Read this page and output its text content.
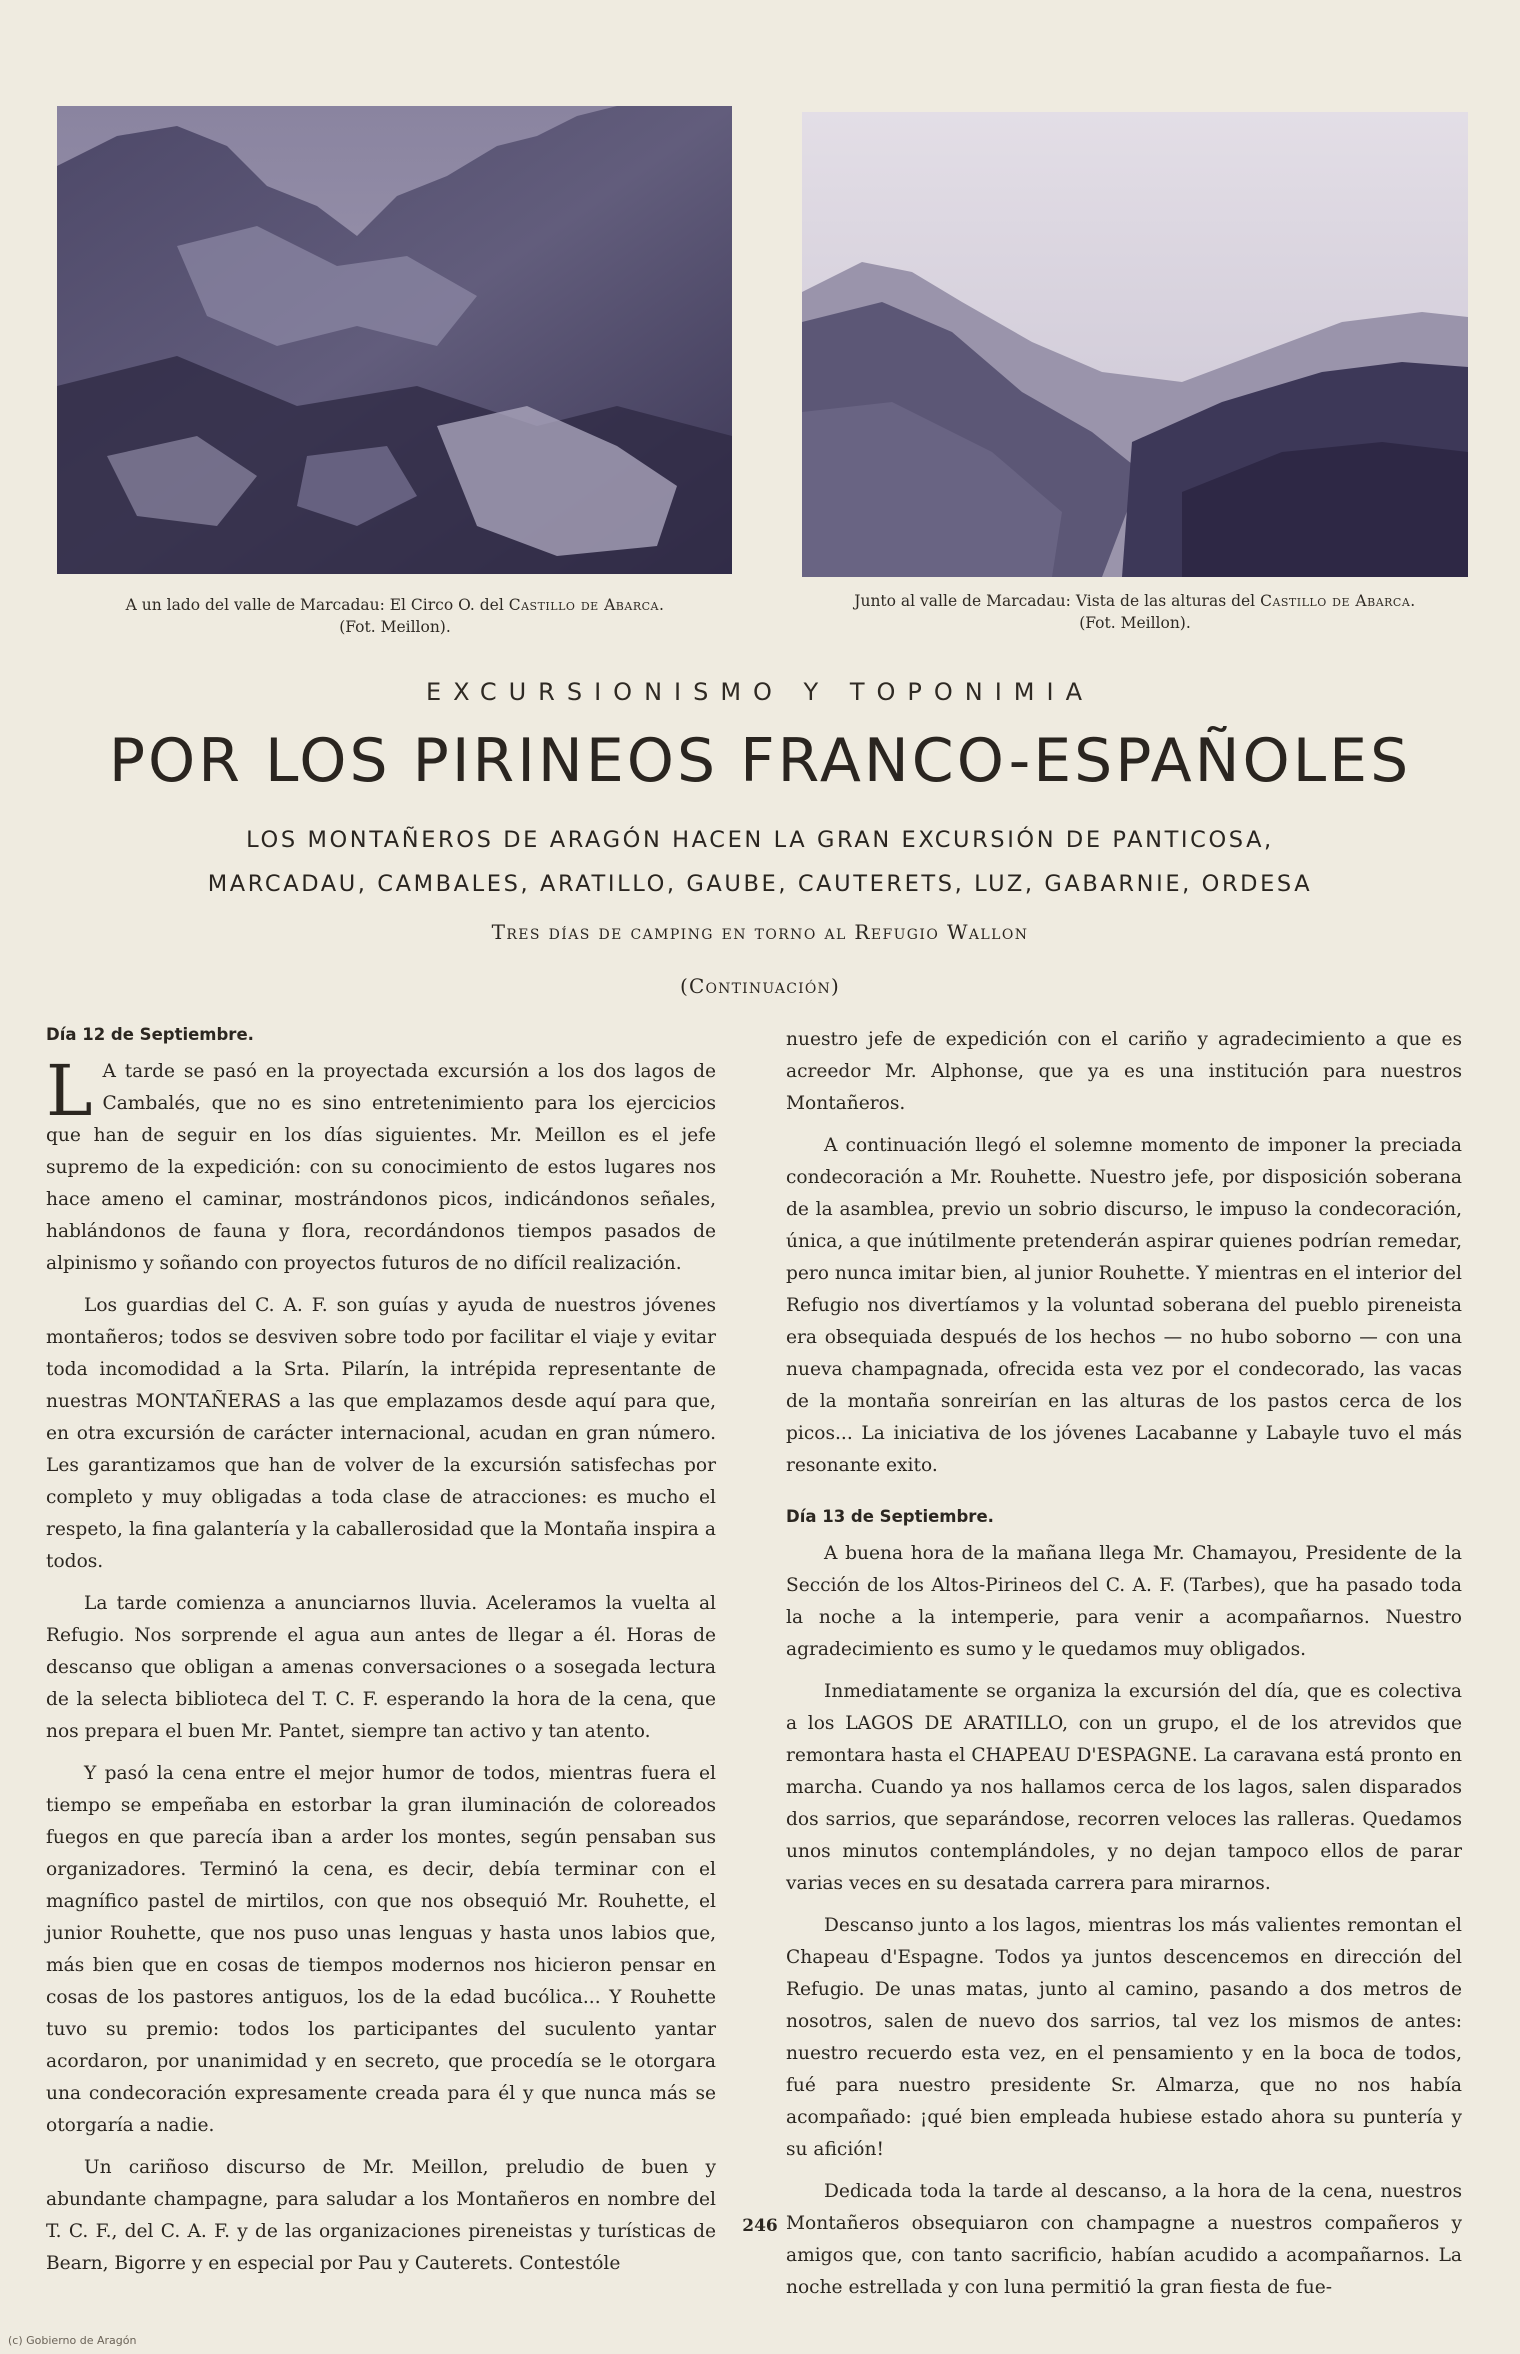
A un lado del valle de Marcadau: El Circo O. del Castillo de Abarca.
(Fot. Meillon).
Junto al valle de Marcadau: Vista de las alturas del Castillo de Abarca.
(Fot. Meillon).
EXCURSIONISMO Y TOPONIMIA
POR LOS PIRINEOS FRANCO-ESPAÑOLES
LOS MONTAÑEROS DE ARAGÓN HACEN LA GRAN EXCURSIÓN DE PANTICOSA,
MARCADAU, CAMBALES, ARATILLO, GAUBE, CAUTERETS, LUZ, GABARNIE, ORDESA
Tres días de camping en torno al Refugio Wallon
(Continuación)
Día 12 de Septiembre.

L A tarde se pasó en la proyectada excursión a los dos lagos de Cambalés, que no es sino entretenimiento para los ejercicios que han de seguir en los días siguientes. Mr. Meillon es el jefe supremo de la expedición: con su conocimiento de estos lugares nos hace ameno el caminar, mostrándonos picos, indicándonos señales, hablándonos de fauna y flora, recordándonos tiempos pasados de alpinismo y soñando con proyectos futuros de no difícil realización.

Los guardias del C. A. F. son guías y ayuda de nuestros jóvenes montañeros; todos se desviven sobre todo por facilitar el viaje y evitar toda incomodidad a la Srta. Pilarín, la intrépida representante de nuestras MONTAÑERAS a las que emplazamos desde aquí para que, en otra excursión de carácter internacional, acudan en gran número. Les garantizamos que han de volver de la excursión satisfechas por completo y muy obligadas a toda clase de atracciones: es mucho el respeto, la fina galantería y la caballerosidad que la Montaña inspira a todos.

La tarde comienza a anunciarnos lluvia. Aceleramos la vuelta al Refugio. Nos sorprende el agua aun antes de llegar a él. Horas de descanso que obligan a amenas conversaciones o a sosegada lectura de la selecta biblioteca del T. C. F. esperando la hora de la cena, que nos prepara el buen Mr. Pantet, siempre tan activo y tan atento.

Y pasó la cena entre el mejor humor de todos, mientras fuera el tiempo se empeñaba en estorbar la gran iluminación de coloreados fuegos en que parecía iban a arder los montes, según pensaban sus organizadores. Terminó la cena, es decir, debía terminar con el magnífico pastel de mirtilos, con que nos obsequió Mr. Rouhette, el junior Rouhette, que nos puso unas lenguas y hasta unos labios que, más bien que en cosas de tiempos modernos nos hicieron pensar en cosas de los pastores antiguos, los de la edad bucólica... Y Rouhette tuvo su premio: todos los participantes del suculento yantar acordaron, por unanimidad y en secreto, que procedía se le otorgara una condecoración expresamente creada para él y que nunca más se otorgaría a nadie.

Un cariñoso discurso de Mr. Meillon, preludio de buen y abundante champagne, para saludar a los Montañeros en nombre del T. C. F., del C. A. F. y de las organizaciones pireneistas y turísticas de Bearn, Bigorre y en especial por Pau y Cauterets. Contestóle

nuestro jefe de expedición con el cariño y agradecimiento a que es acreedor Mr. Alphonse, que ya es una institución para nuestros Montañeros.

A continuación llegó el solemne momento de imponer la preciada condecoración a Mr. Rouhette. Nuestro jefe, por disposición soberana de la asamblea, previo un sobrio discurso, le impuso la condecoración, única, a que inútilmente pretenderán aspirar quienes podrían remedar, pero nunca imitar bien, al junior Rouhette. Y mientras en el interior del Refugio nos divertíamos y la voluntad soberana del pueblo pireneista era obsequiada después de los hechos — no hubo soborno — con una nueva champagnada, ofrecida esta vez por el condecorado, las vacas de la montaña sonreirían en las alturas de los pastos cerca de los picos... La iniciativa de los jóvenes Lacabanne y Labayle tuvo el más resonante exito.

Día 13 de Septiembre.

A buena hora de la mañana llega Mr. Chamayou, Presidente de la Sección de los Altos-Pirineos del C. A. F. (Tarbes), que ha pasado toda la noche a la intemperie, para venir a acompañarnos. Nuestro agradecimiento es sumo y le quedamos muy obligados.

Inmediatamente se organiza la excursión del día, que es colectiva a los LAGOS DE ARATILLO, con un grupo, el de los atrevidos que remontara hasta el CHAPEAU D'ESPAGNE. La caravana está pronto en marcha. Cuando ya nos hallamos cerca de los lagos, salen disparados dos sarrios, que separándose, recorren veloces las ralleras. Quedamos unos minutos contemplándoles, y no dejan tampoco ellos de parar varias veces en su desatada carrera para mirarnos.

Descanso junto a los lagos, mientras los más valientes remontan el Chapeau d'Espagne. Todos ya juntos descencemos en dirección del Refugio. De unas matas, junto al camino, pasando a dos metros de nosotros, salen de nuevo dos sarrios, tal vez los mismos de antes: nuestro recuerdo esta vez, en el pensamiento y en la boca de todos, fué para nuestro presidente Sr. Almarza, que no nos había acompañado: ¡qué bien empleada hubiese estado ahora su puntería y su afición!

Dedicada toda la tarde al descanso, a la hora de la cena, nuestros Montañeros obsequiaron con champagne a nuestros compañeros y amigos que, con tanto sacrificio, habían acudido a acompañarnos. La noche estrellada y con luna permitió la gran fiesta de fue-

246
(c) Gobierno de Aragón
